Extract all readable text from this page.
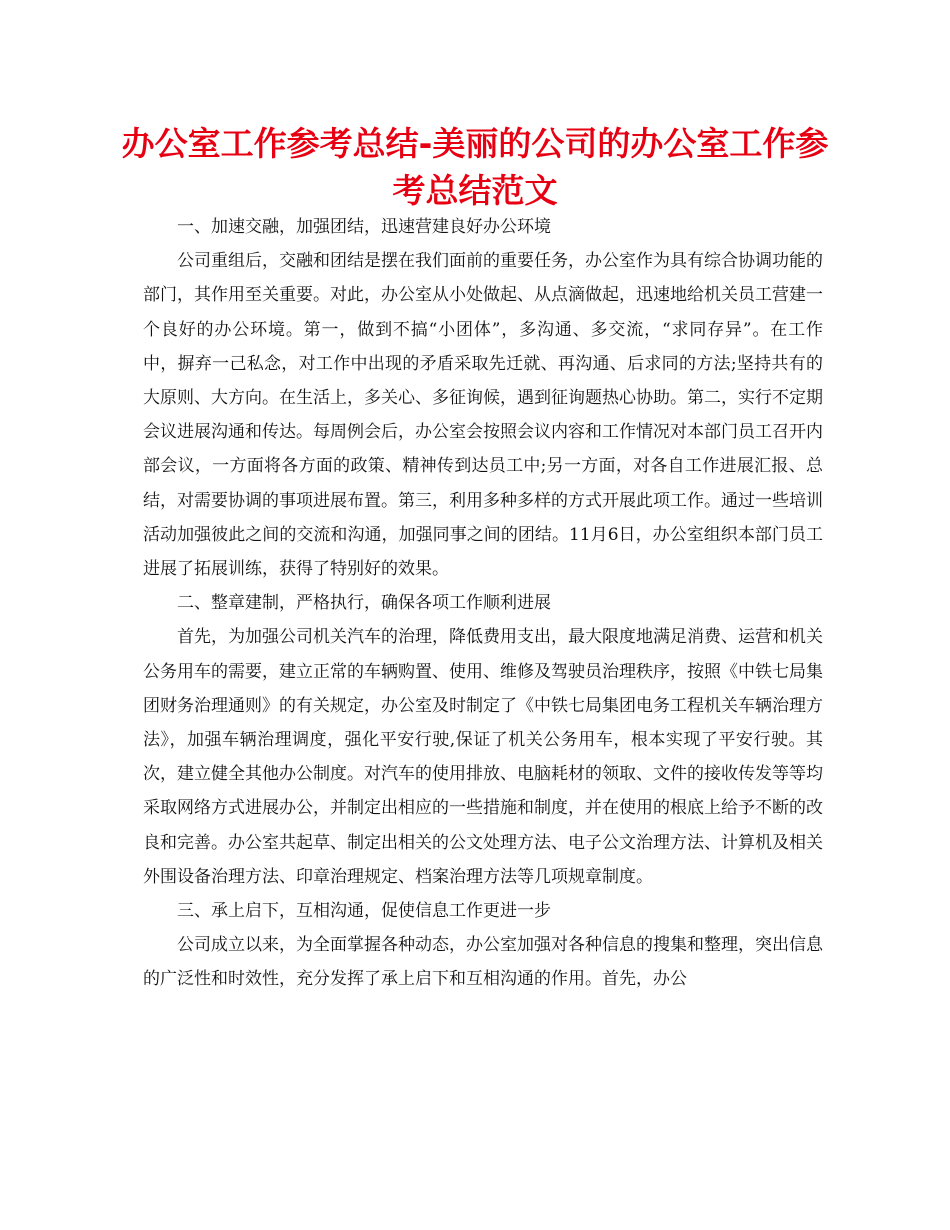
办公室工作参考总结-美丽的公司的办公室工作参考总结范文

一、加速交融，加强团结，迅速营建良好办公环境

公司重组后，交融和团结是摆在我们面前的重要任务，办公室作为具有综合协调功能的部门，其作用至关重要。对此，办公室从小处做起、从点滴做起，迅速地给机关员工营建一个良好的办公环境。第一，做到不搞“小团体”，多沟通、多交流，“求同存异”。在工作中，摒弃一己私念，对工作中出现的矛盾采取先迁就、再沟通、后求同的方法;坚持共有的大原则、大方向。在生活上，多关心、多征询候，遇到征询题热心协助。第二，实行不定期会议进展沟通和传达。每周例会后，办公室会按照会议内容和工作情况对本部门员工召开内部会议，一方面将各方面的政策、精神传到达员工中;另一方面，对各自工作进展汇报、总结，对需要协调的事项进展布置。第三，利用多种多样的方式开展此项工作。通过一些培训活动加强彼此之间的交流和沟通，加强同事之间的团结。11月6日，办公室组织本部门员工进展了拓展训练，获得了特别好的效果。

二、整章建制，严格执行，确保各项工作顺利进展

首先，为加强公司机关汽车的治理，降低费用支出，最大限度地满足消费、运营和机关公务用车的需要，建立正常的车辆购置、使用、维修及驾驶员治理秩序，按照《中铁七局集团财务治理通则》的有关规定，办公室及时制定了《中铁七局集团电务工程机关车辆治理方法》，加强车辆治理调度，强化平安行驶,保证了机关公务用车，根本实现了平安行驶。其次，建立健全其他办公制度。对汽车的使用排放、电脑耗材的领取、文件的接收传发等等均采取网络方式进展办公，并制定出相应的一些措施和制度，并在使用的根底上给予不断的改良和完善。办公室共起草、制定出相关的公文处理方法、电子公文治理方法、计算机及相关外围设备治理方法、印章治理规定、档案治理方法等几项规章制度。

三、承上启下，互相沟通，促使信息工作更进一步

公司成立以来，为全面掌握各种动态，办公室加强对各种信息的搜集和整理，突出信息的广泛性和时效性，充分发挥了承上启下和互相沟通的作用。首先，办公
